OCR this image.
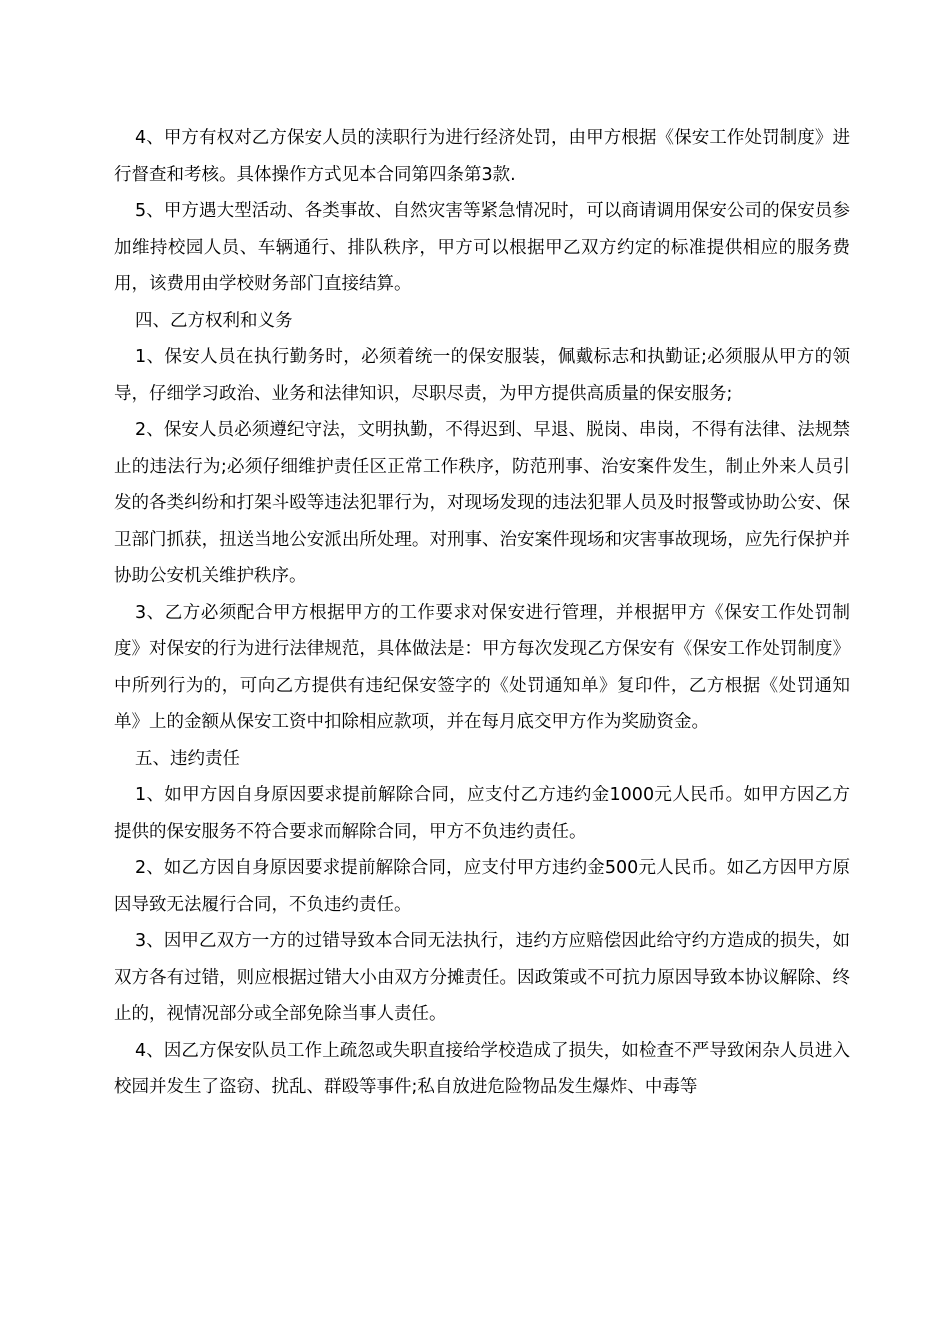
4、甲方有权对乙方保安人员的渎职行为进行经济处罚，由甲方根据《保安工作处罚制度》进行督查和考核。具体操作方式见本合同第四条第3款.

5、甲方遇大型活动、各类事故、自然灾害等紧急情况时，可以商请调用保安公司的保安员参加维持校园人员、车辆通行、排队秩序，甲方可以根据甲乙双方约定的标准提供相应的服务费用，该费用由学校财务部门直接结算。

四、乙方权利和义务

1、保安人员在执行勤务时，必须着统一的保安服装，佩戴标志和执勤证;必须服从甲方的领导，仔细学习政治、业务和法律知识，尽职尽责，为甲方提供高质量的保安服务;

2、保安人员必须遵纪守法，文明执勤，不得迟到、早退、脱岗、串岗，不得有法律、法规禁止的违法行为;必须仔细维护责任区正常工作秩序，防范刑事、治安案件发生，制止外来人员引发的各类纠纷和打架斗殴等违法犯罪行为，对现场发现的违法犯罪人员及时报警或协助公安、保卫部门抓获，扭送当地公安派出所处理。对刑事、治安案件现场和灾害事故现场，应先行保护并协助公安机关维护秩序。

3、乙方必须配合甲方根据甲方的工作要求对保安进行管理，并根据甲方《保安工作处罚制度》对保安的行为进行法律规范，具体做法是：甲方每次发现乙方保安有《保安工作处罚制度》中所列行为的，可向乙方提供有违纪保安签字的《处罚通知单》复印件，乙方根据《处罚通知单》上的金额从保安工资中扣除相应款项，并在每月底交甲方作为奖励资金。

五、违约责任

1、如甲方因自身原因要求提前解除合同，应支付乙方违约金1000元人民币。如甲方因乙方提供的保安服务不符合要求而解除合同，甲方不负违约责任。

2、如乙方因自身原因要求提前解除合同，应支付甲方违约金500元人民币。如乙方因甲方原因导致无法履行合同，不负违约责任。

3、因甲乙双方一方的过错导致本合同无法执行，违约方应赔偿因此给守约方造成的损失，如双方各有过错，则应根据过错大小由双方分摊责任。因政策或不可抗力原因导致本协议解除、终止的，视情况部分或全部免除当事人责任。

4、因乙方保安队员工作上疏忽或失职直接给学校造成了损失，如检查不严导致闲杂人员进入校园并发生了盗窃、扰乱、群殴等事件;私自放进危险物品发生爆炸、中毒等
